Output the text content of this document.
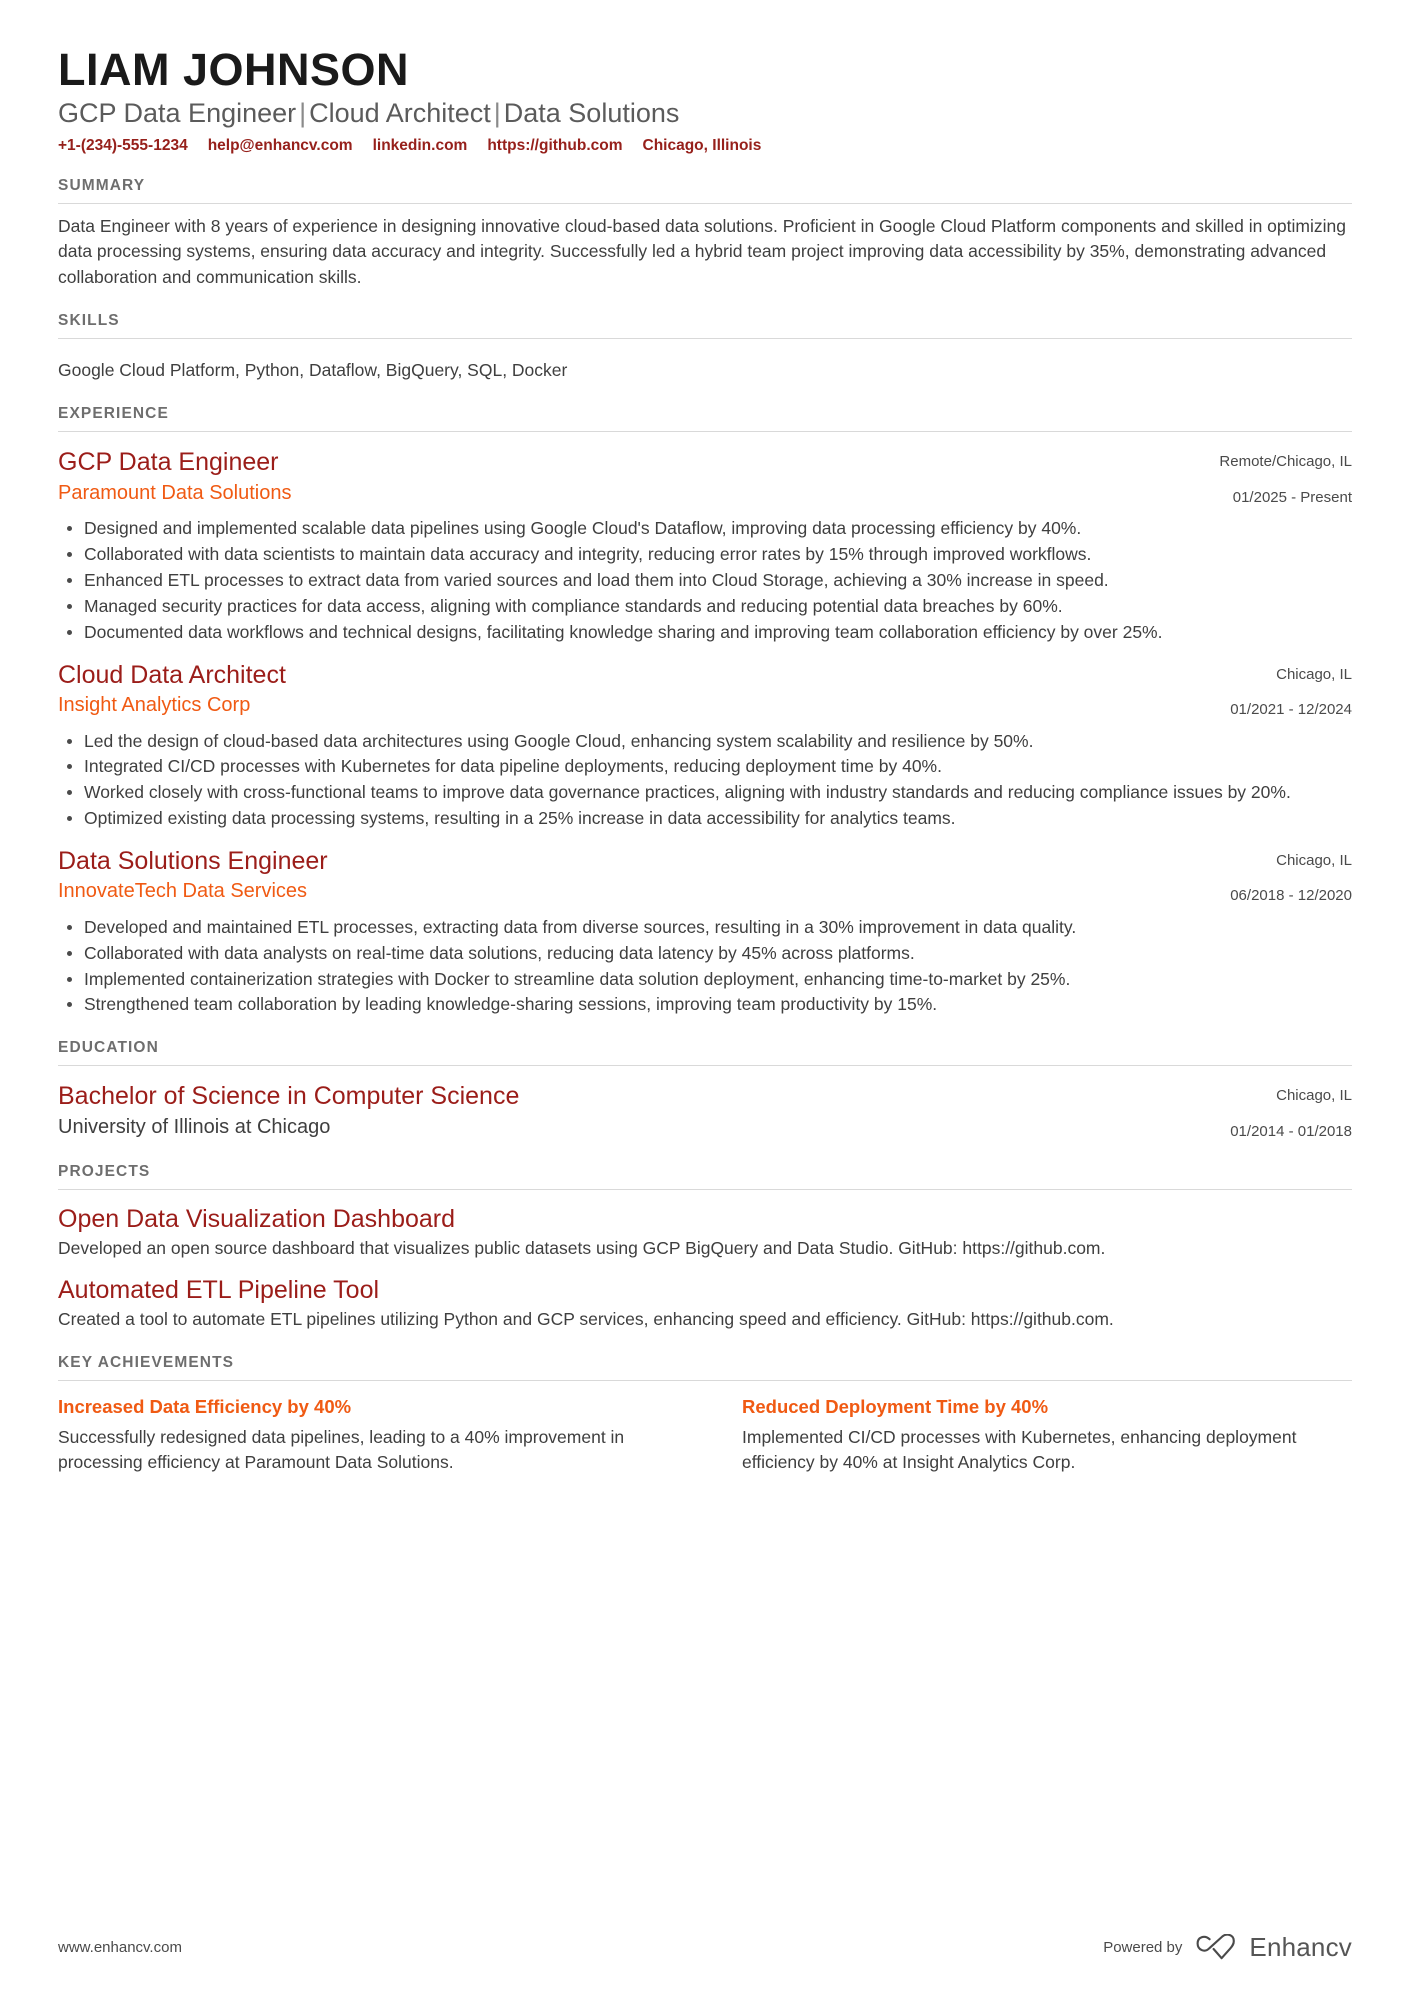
LIAM JOHNSON
GCP Data Engineer | Cloud Architect | Data Solutions
+1-(234)-555-1234 help@enhancv.com linkedin.com https://github.com Chicago, Illinois
SUMMARY

Data Engineer with 8 years of experience in designing innovative cloud-based data solutions. Proficient in Google Cloud Platform components and skilled in optimizing data processing systems, ensuring data accuracy and integrity. Successfully led a hybrid team project improving data accessibility by 35%, demonstrating advanced collaboration and communication skills.

SKILLS

Google Cloud Platform, Python, Dataflow, BigQuery, SQL, Docker

EXPERIENCE
GCP Data Engineer
Paramount Data Solutions
Remote/Chicago, IL
01/2025 - Present
Designed and implemented scalable data pipelines using Google Cloud's Dataflow, improving data processing efficiency by 40%.
Collaborated with data scientists to maintain data accuracy and integrity, reducing error rates by 15% through improved workflows.
Enhanced ETL processes to extract data from varied sources and load them into Cloud Storage, achieving a 30% increase in speed.
Managed security practices for data access, aligning with compliance standards and reducing potential data breaches by 60%.
Documented data workflows and technical designs, facilitating knowledge sharing and improving team collaboration efficiency by over 25%.
Cloud Data Architect
Insight Analytics Corp
Chicago, IL
01/2021 - 12/2024
Led the design of cloud-based data architectures using Google Cloud, enhancing system scalability and resilience by 50%.
Integrated CI/CD processes with Kubernetes for data pipeline deployments, reducing deployment time by 40%.
Worked closely with cross-functional teams to improve data governance practices, aligning with industry standards and reducing compliance issues by 20%.
Optimized existing data processing systems, resulting in a 25% increase in data accessibility for analytics teams.
Data Solutions Engineer
InnovateTech Data Services
Chicago, IL
06/2018 - 12/2020
Developed and maintained ETL processes, extracting data from diverse sources, resulting in a 30% improvement in data quality.
Collaborated with data analysts on real-time data solutions, reducing data latency by 45% across platforms.
Implemented containerization strategies with Docker to streamline data solution deployment, enhancing time-to-market by 25%.
Strengthened team collaboration by leading knowledge-sharing sessions, improving team productivity by 15%.
EDUCATION
Bachelor of Science in Computer Science
University of Illinois at Chicago
Chicago, IL
01/2014 - 01/2018
PROJECTS
Open Data Visualization Dashboard

Developed an open source dashboard that visualizes public datasets using GCP BigQuery and Data Studio. GitHub: https://github.com.

Automated ETL Pipeline Tool

Created a tool to automate ETL pipelines utilizing Python and GCP services, enhancing speed and efficiency. GitHub: https://github.com.

KEY ACHIEVEMENTS
Increased Data Efficiency by 40%

Successfully redesigned data pipelines, leading to a 40% improvement in processing efficiency at Paramount Data Solutions.

Reduced Deployment Time by 40%

Implemented CI/CD processes with Kubernetes, enhancing deployment efficiency by 40% at Insight Analytics Corp.

www.enhancv.com	Powered by	Enhancv
